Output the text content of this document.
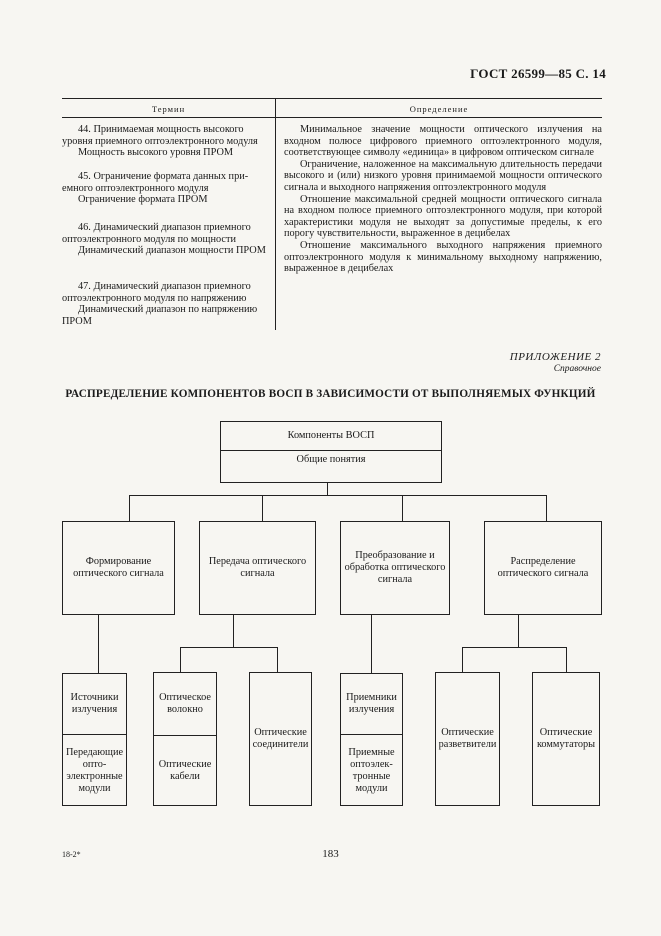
ГОСТ 26599—85 С. 14
Термин	Определение

44. Принимаемая мощность высокого уровня приемного оптоэлектронного модуля

Мощность высокого уровня ПРОМ

45. Ограничение формата данных приемного оптоэлектронного модуля

Ограничение формата ПРОМ

46. Динамический диапазон приемного оптоэлектронного модуля по мощности

Динамический диапазон мощности ПРОМ

47. Динамический диапазон приемного оптоэлектронного модуля по напряжению

Динамический диапазон по напряжению ПРОМ

Минимальное значение мощности оптического излучения на входном полюсе цифрового приемного оптоэлектронного модуля, соответствующее символу «единица» в цифровом оптическом сигнале

Ограничение, наложенное на максимальную длительность передачи высокого и (или) низкого уровня принимаемой мощности оптического сигнала и выходного напряжения оптоэлектронного модуля

Отношение максимальной средней мощности оптического сигнала на входном полюсе приемного оптоэлектронного модуля, при которой характеристики модуля не выходят за допустимые пределы, к его порогу чувствительности, выраженное в децибелах

Отношение максимального выходного напряжения приемного оптоэлектронного модуля к минимальному выходному напряжению, выраженное в децибелах

ПРИЛОЖЕНИЕ 2
Справочное
РАСПРЕДЕЛЕНИЕ КОМПОНЕНТОВ ВОСП В ЗАВИСИМОСТИ ОТ ВЫПОЛНЯЕМЫХ ФУНКЦИЙ
Компоненты ВОСП
Общие понятия
Формирование оптического сигнала
Передача оптического сигнала
Преобразование и обработка оптического сигнала
Распределение оптического сигнала
Источники излучения
Передающие оптоэлектронные модули
Оптическое волокно
Оптические кабели
Оптические соединители
Приемники излучения
Приемные оптоэлектронные модули
Оптические разветвители
Оптические коммутаторы
18-2*	183
